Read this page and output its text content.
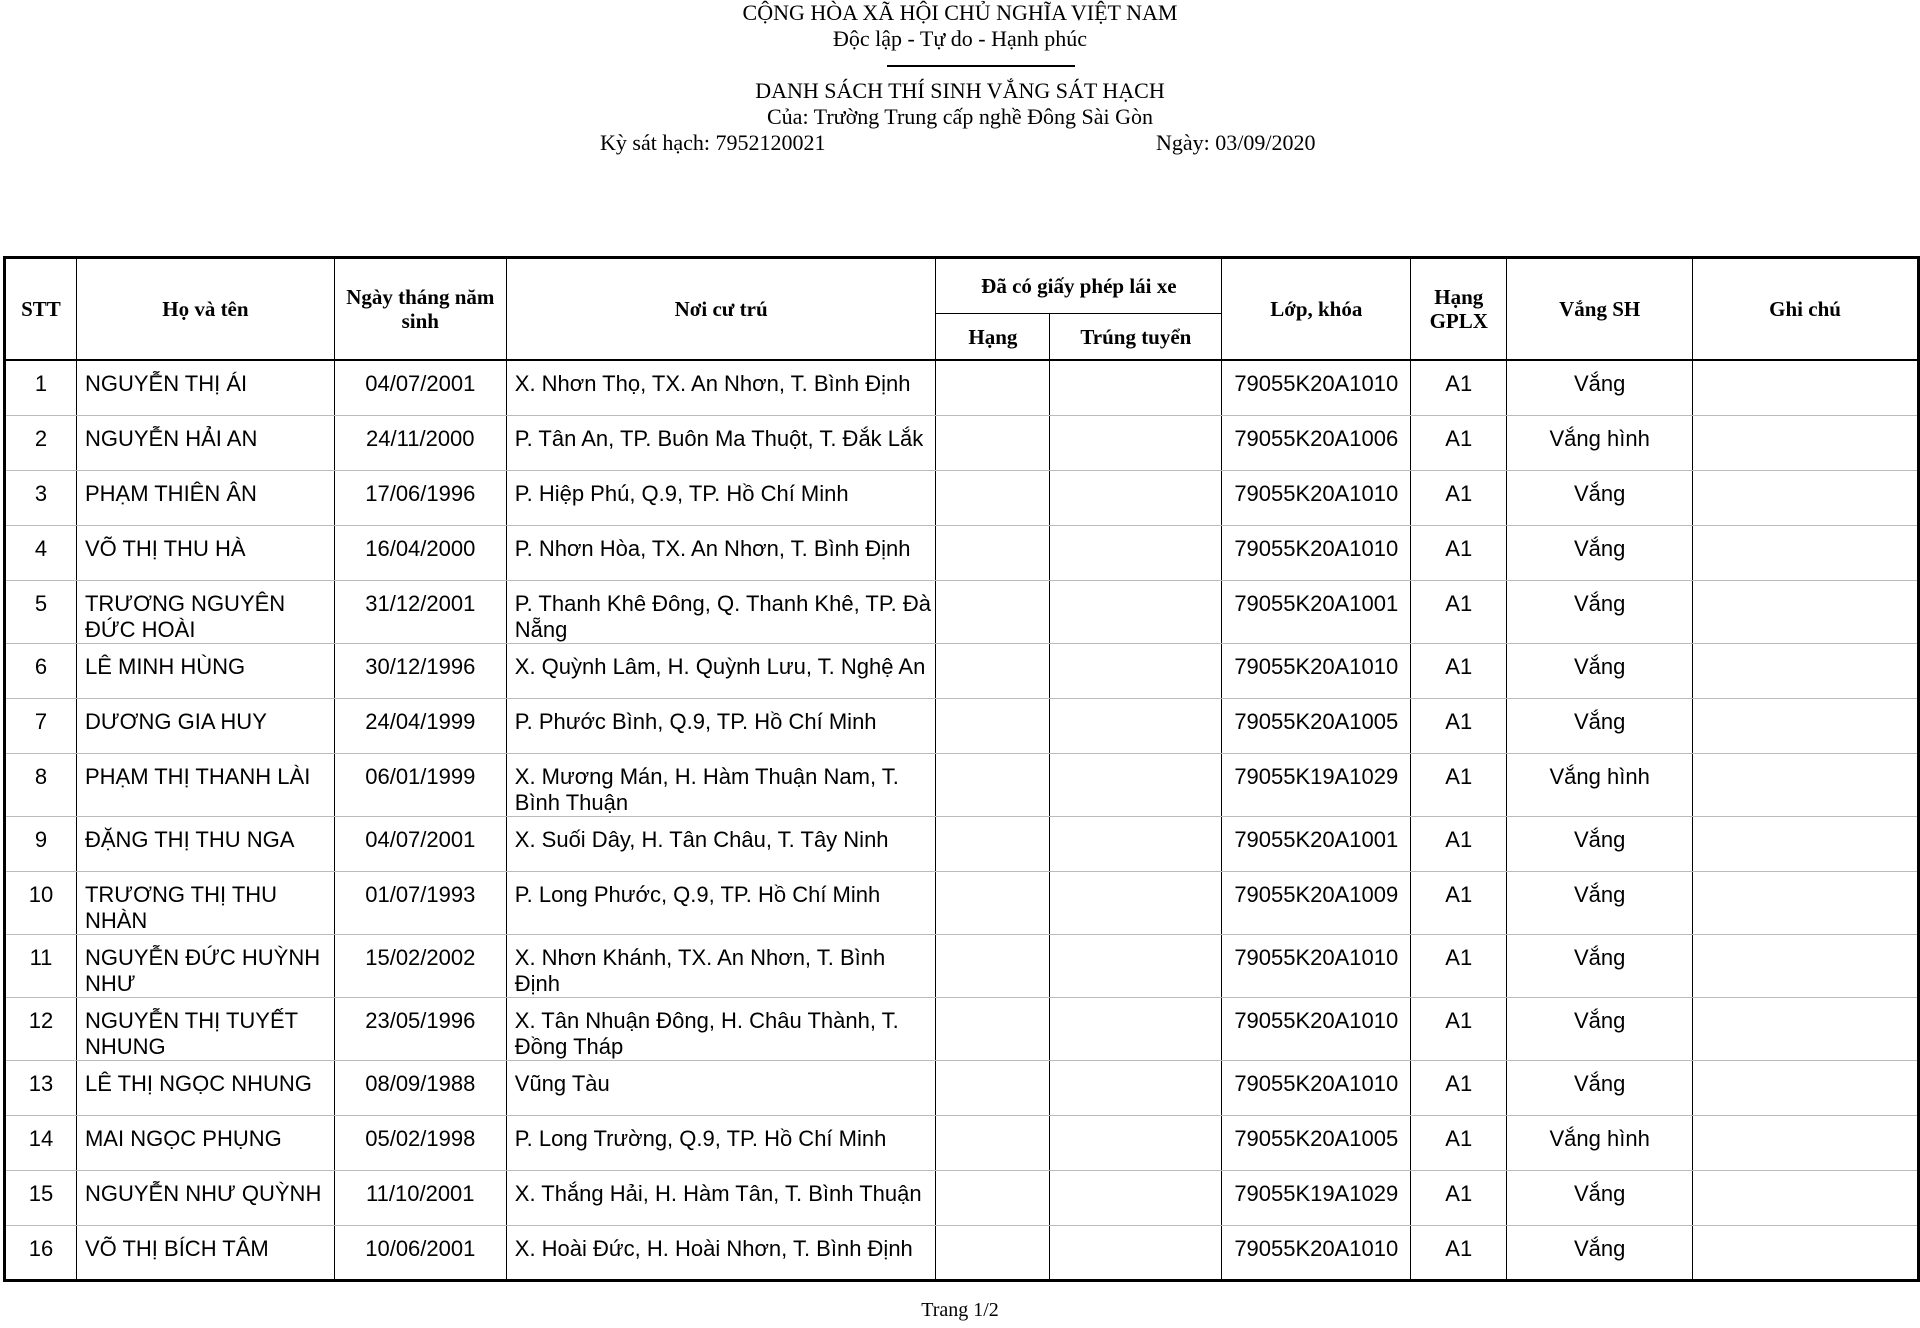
CỘNG HÒA XÃ HỘI CHỦ NGHĨA VIỆT NAM
Độc lập - Tự do - Hạnh phúc
DANH SÁCH THÍ SINH VẮNG SÁT HẠCH
Của: Trường Trung cấp nghề Đông Sài Gòn
Kỳ sát hạch: 7952120021	Ngày: 03/09/2020
STT	Họ và tên	Ngày tháng năm sinh	Nơi cư trú	Đã có giấy phép lái xe		Lớp, khóa	Hạng GPLX	Vắng SH	Ghi chú
				Hạng	Trúng tuyển				
1	NGUYỄN THỊ ÁI	04/07/2001	X. Nhơn Thọ, TX. An Nhơn, T. Bình Định			79055K20A1010	A1	Vắng	
2	NGUYỄN HẢI AN	24/11/2000	P. Tân An, TP. Buôn Ma Thuột, T. Đắk Lắk			79055K20A1006	A1	Vắng hình	
3	PHẠM THIÊN ÂN	17/06/1996	P. Hiệp Phú, Q.9, TP. Hồ Chí Minh			79055K20A1010	A1	Vắng	
4	VÕ THỊ THU HÀ	16/04/2000	P. Nhơn Hòa, TX. An Nhơn, T. Bình Định			79055K20A1010	A1	Vắng	
5	TRƯƠNG NGUYÊN ĐỨC HOÀI	31/12/2001	P. Thanh Khê Đông, Q. Thanh Khê, TP. Đà Nẵng			79055K20A1001	A1	Vắng	
6	LÊ MINH HÙNG	30/12/1996	X. Quỳnh Lâm, H. Quỳnh Lưu, T. Nghệ An			79055K20A1010	A1	Vắng	
7	DƯƠNG GIA HUY	24/04/1999	P. Phước Bình, Q.9, TP. Hồ Chí Minh			79055K20A1005	A1	Vắng	
8	PHẠM THỊ THANH LÀI	06/01/1999	X. Mương Mán, H. Hàm Thuận Nam, T. Bình Thuận			79055K19A1029	A1	Vắng hình	
9	ĐẶNG THỊ THU NGA	04/07/2001	X. Suối Dây, H. Tân Châu, T. Tây Ninh			79055K20A1001	A1	Vắng	
10	TRƯƠNG THỊ THU NHÀN	01/07/1993	P. Long Phước, Q.9, TP. Hồ Chí Minh			79055K20A1009	A1	Vắng	
11	NGUYỄN ĐỨC HUỲNH NHƯ	15/02/2002	X. Nhơn Khánh, TX. An Nhơn, T. Bình Định			79055K20A1010	A1	Vắng	
12	NGUYỄN THỊ TUYẾT NHUNG	23/05/1996	X. Tân Nhuận Đông, H. Châu Thành, T. Đồng Tháp			79055K20A1010	A1	Vắng	
13	LÊ THỊ NGỌC NHUNG	08/09/1988	Vũng Tàu			79055K20A1010	A1	Vắng	
14	MAI NGỌC PHỤNG	05/02/1998	P. Long Trường, Q.9, TP. Hồ Chí Minh			79055K20A1005	A1	Vắng hình	
15	NGUYỄN NHƯ QUỲNH	11/10/2001	X. Thắng Hải, H. Hàm Tân, T. Bình Thuận			79055K19A1029	A1	Vắng	
16	VÕ THỊ BÍCH TÂM	10/06/2001	X. Hoài Đức, H. Hoài Nhơn, T. Bình Định			79055K20A1010	A1	Vắng	
Trang 1/2
